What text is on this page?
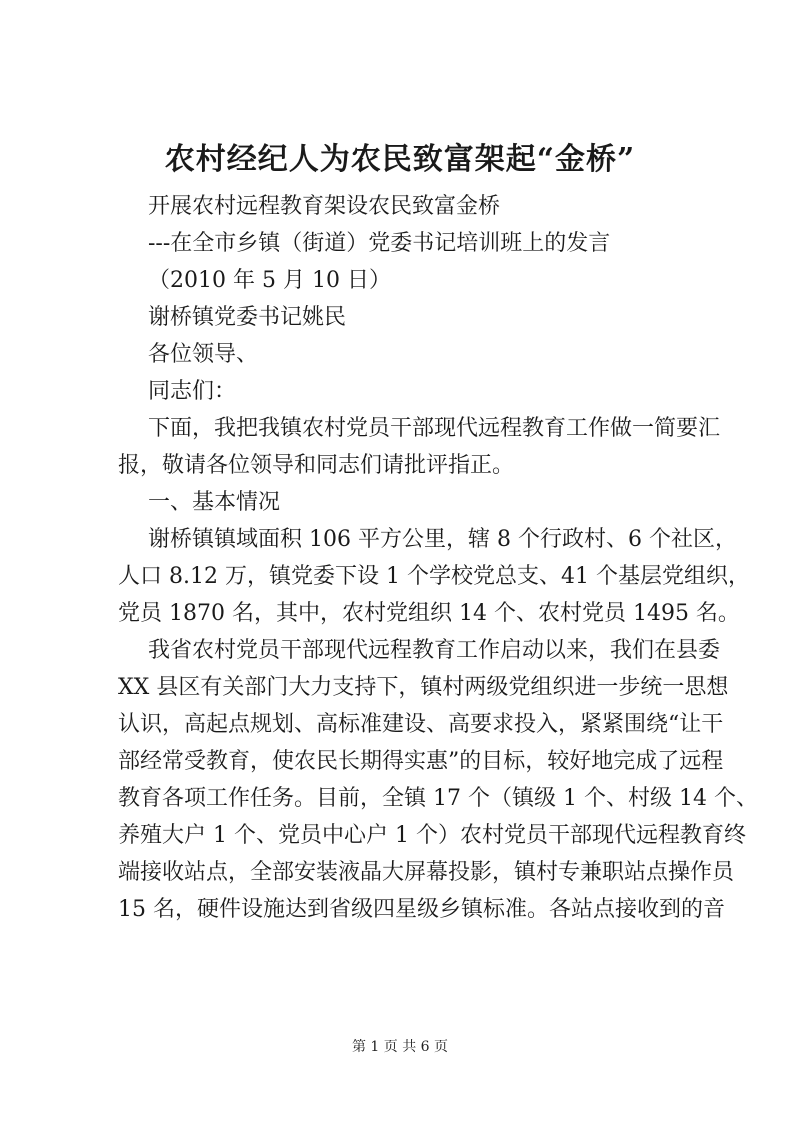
农村经纪人为农民致富架起“金桥”
开展农村远程教育架设农民致富金桥
---在全市乡镇（街道）党委书记培训班上的发言
（2010 年 5 月 10 日）
谢桥镇党委书记姚民
各位领导、
同志们：
下面，我把我镇农村党员干部现代远程教育工作做一简要汇
报，敬请各位领导和同志们请批评指正。
一、基本情况
谢桥镇镇域面积 106 平方公里，辖 8 个行政村、6 个社区，
人口 8.12 万，镇党委下设 1 个学校党总支、41 个基层党组织，
党员 1870 名，其中，农村党组织 14 个、农村党员 1495 名。
我省农村党员干部现代远程教育工作启动以来，我们在县委
XX 县区有关部门大力支持下，镇村两级党组织进一步统一思想
认识，高起点规划、高标准建设、高要求投入，紧紧围绕“让干
部经常受教育，使农民长期得实惠”的目标，较好地完成了远程
教育各项工作任务。目前，全镇 17 个（镇级 1 个、村级 14 个、
养殖大户 1 个、党员中心户 1 个）农村党员干部现代远程教育终
端接收站点，全部安装液晶大屏幕投影，镇村专兼职站点操作员
15 名，硬件设施达到省级四星级乡镇标准。各站点接收到的音
第 1 页 共 6 页
